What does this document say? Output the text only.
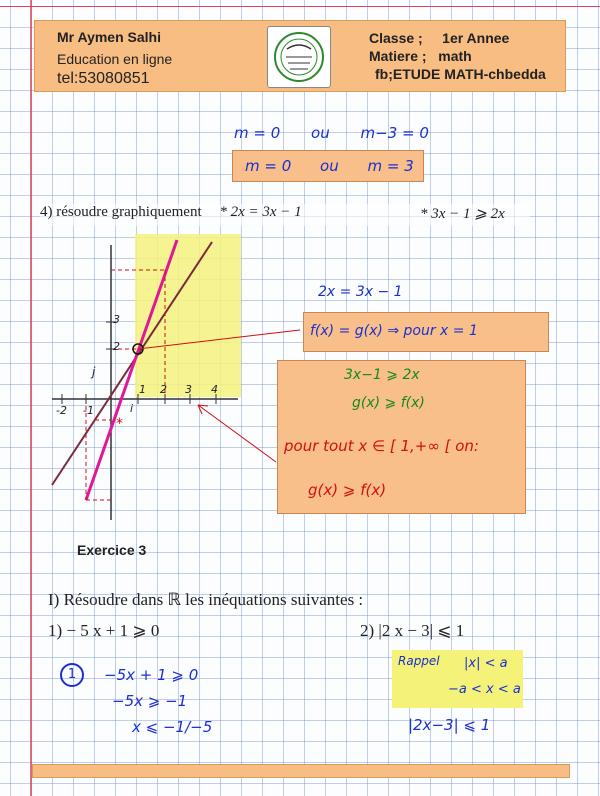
Mr Aymen Salhi
Education en ligne
tel:53080851
Classe ; 1er Annee
Matiere ; math
fb;ETUDE MATH-chbedda
m = 0 ou m−3 = 0
m = 0 ou m = 3
4) résoudre graphiquement * 2x = 3x − 1	* 3x − 1 ⩾ 2x
*
3
2
j
1 2 3 4
i
-1
-2
2x = 3x − 1
f(x) = g(x) ⇒ pour x = 1
3x−1 ⩾ 2x
g(x) ⩾ f(x)
pour tout x ∈ [ 1,+∞ [ on:
g(x) ⩾ f(x)
Exercice 3
I) Résoudre dans ℝ les inéquations suivantes :
1) − 5 x + 1 ⩾ 0	2) |2 x − 3| ⩽ 1
1	−5x + 1 ⩾ 0
−5x ⩾ −1
x ⩽ −1/−5
Rappel |x| < a
−a < x < a
|2x−3| ⩽ 1
